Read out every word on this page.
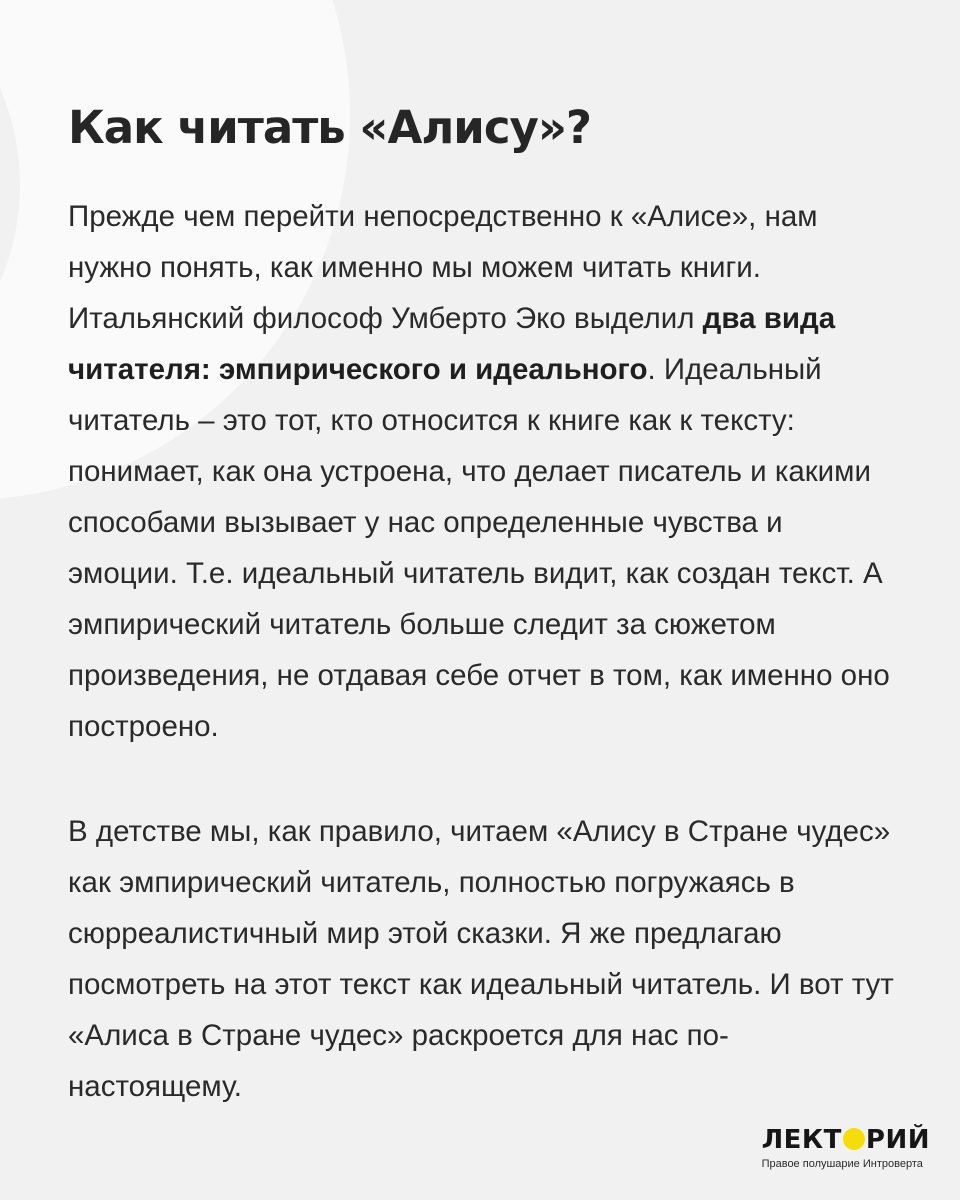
Как читать «Алису»?

Прежде чем перейти непосредственно к «Алисе», нам нужно понять, как именно мы можем читать книги. Итальянский философ Умберто Эко выделил два вида читателя: эмпирического и идеального. Идеальный читатель – это тот, кто относится к книге как к тексту: понимает, как она устроена, что делает писатель и какими способами вызывает у нас определенные чувства и эмоции. Т.е. идеальный читатель видит, как создан текст. А эмпирический читатель больше следит за сюжетом произведения, не отдавая себе отчет в том, как именно оно построено.

В детстве мы, как правило, читаем «Алису в Стране чудес» как эмпирический читатель, полностью погружаясь в сюрреалистичный мир этой сказки. Я же предлагаю посмотреть на этот текст как идеальный читатель. И вот тут «Алиса в Стране чудес» раскроется для нас по-настоящему.

ЛЕКТ РИЙ
Правое полушарие Интроверта
